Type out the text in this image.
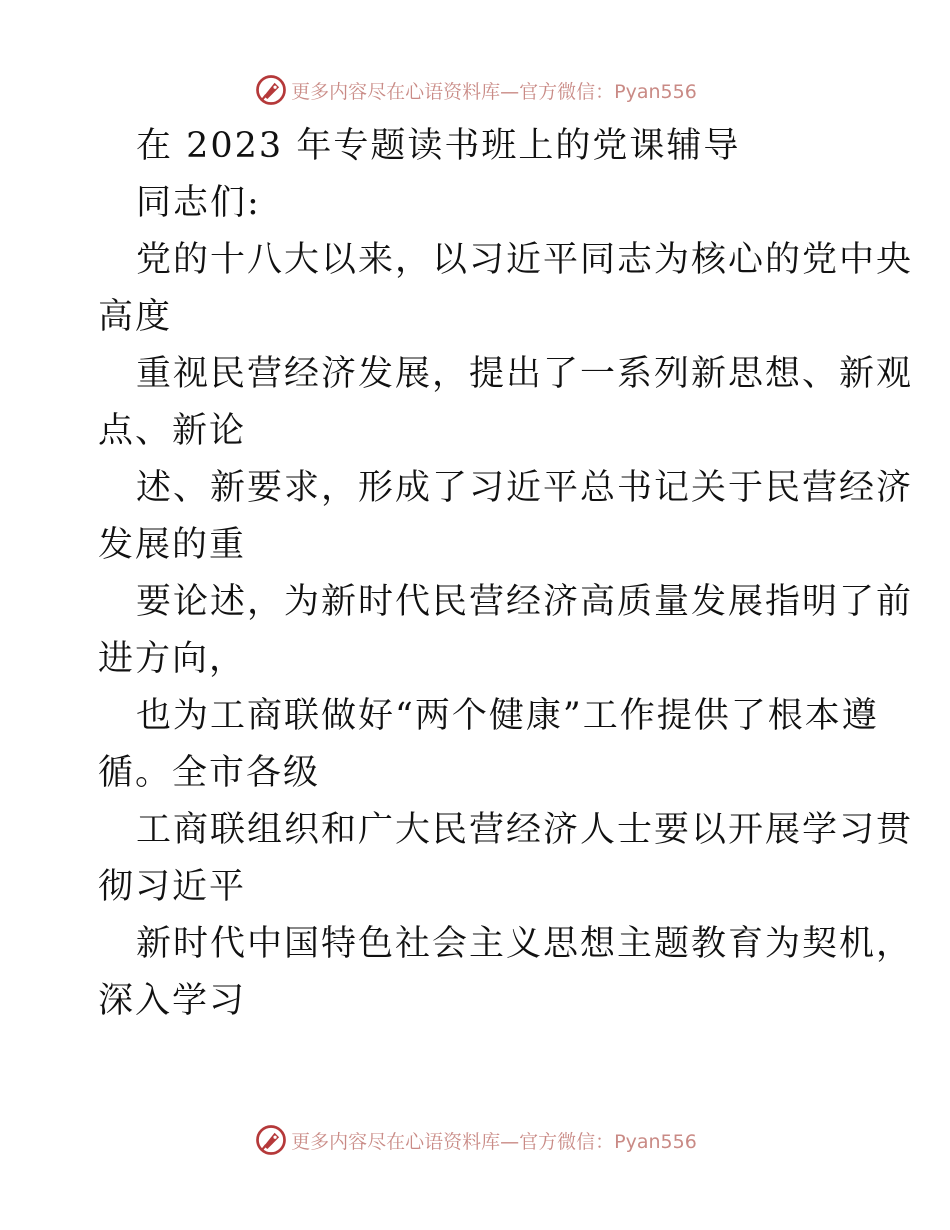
更多内容尽在心语资料库—官方微信：Pyan556
在 2023 年专题读书班上的党课辅导
同志们:
党的十八大以来，以习近平同志为核心的党中央
高度
重视民营经济发展，提出了一系列新思想、新观
点、新论
述、新要求，形成了习近平总书记关于民营经济
发展的重
要论述，为新时代民营经济高质量发展指明了前
进方向，
也为工商联做好“两个健康”工作提供了根本遵
循。全市各级
工商联组织和广大民营经济人士要以开展学习贯
彻习近平
新时代中国特色社会主义思想主题教育为契机，
深入学习
更多内容尽在心语资料库—官方微信：Pyan556
